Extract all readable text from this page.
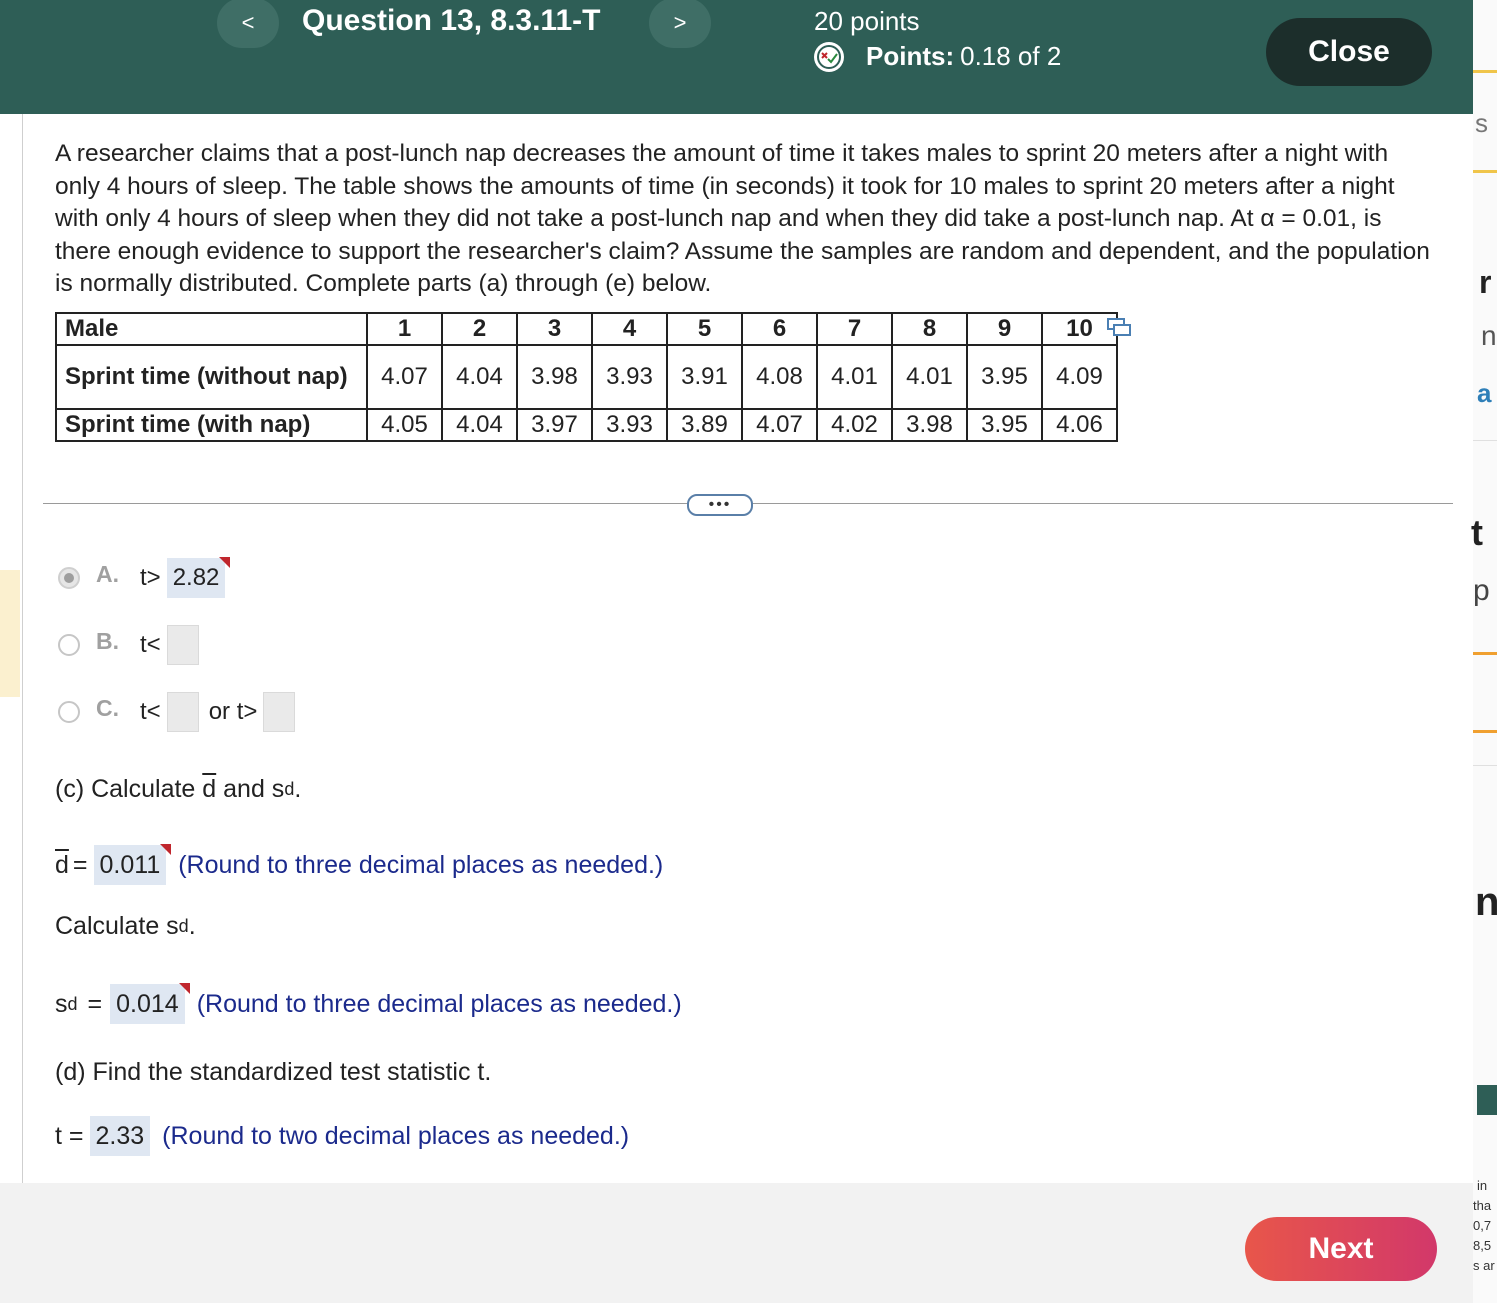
s
r
n
a
t
p
n
in
tha
0,7
8,5
s ar
< Question 13, 8.3.11-T	>	20 points
Points: 0.18 of 2	Close
A researcher claims that a post-lunch nap decreases the amount of time it takes males to sprint 20 meters after a night with only 4 hours of sleep. The table shows the amounts of time (in seconds) it took for 10 males to sprint 20 meters after a night with only 4 hours of sleep when they did not take a post-lunch nap and when they did take a post-lunch nap. At α = 0.01, is there enough evidence to support the researcher's claim? Assume the samples are random and dependent, and the population is normally distributed. Complete parts (a) through (e) below.
Male	1	2	3	4	5	6	7	8	9	10
Sprint time (without nap)	4.07	4.04	3.98	3.93	3.91	4.08	4.01	4.01	3.95	4.09
Sprint time (with nap)	4.05	4.04	3.97	3.93	3.89	4.07	4.02	3.98	3.95	4.06
•••
A. t> 2.82
B. t<
C. t< or t>
(c) Calculate
$\overline{d}$
and s d .
$\overline{d} = 0.011$ (Round to three decimal places as needed.)
Calculate s d .
s d = 0.014 (Round to three decimal places as needed.)
(d) Find the standardized test statistic t.
t = 2.33 (Round to two decimal places as needed.)
Next
